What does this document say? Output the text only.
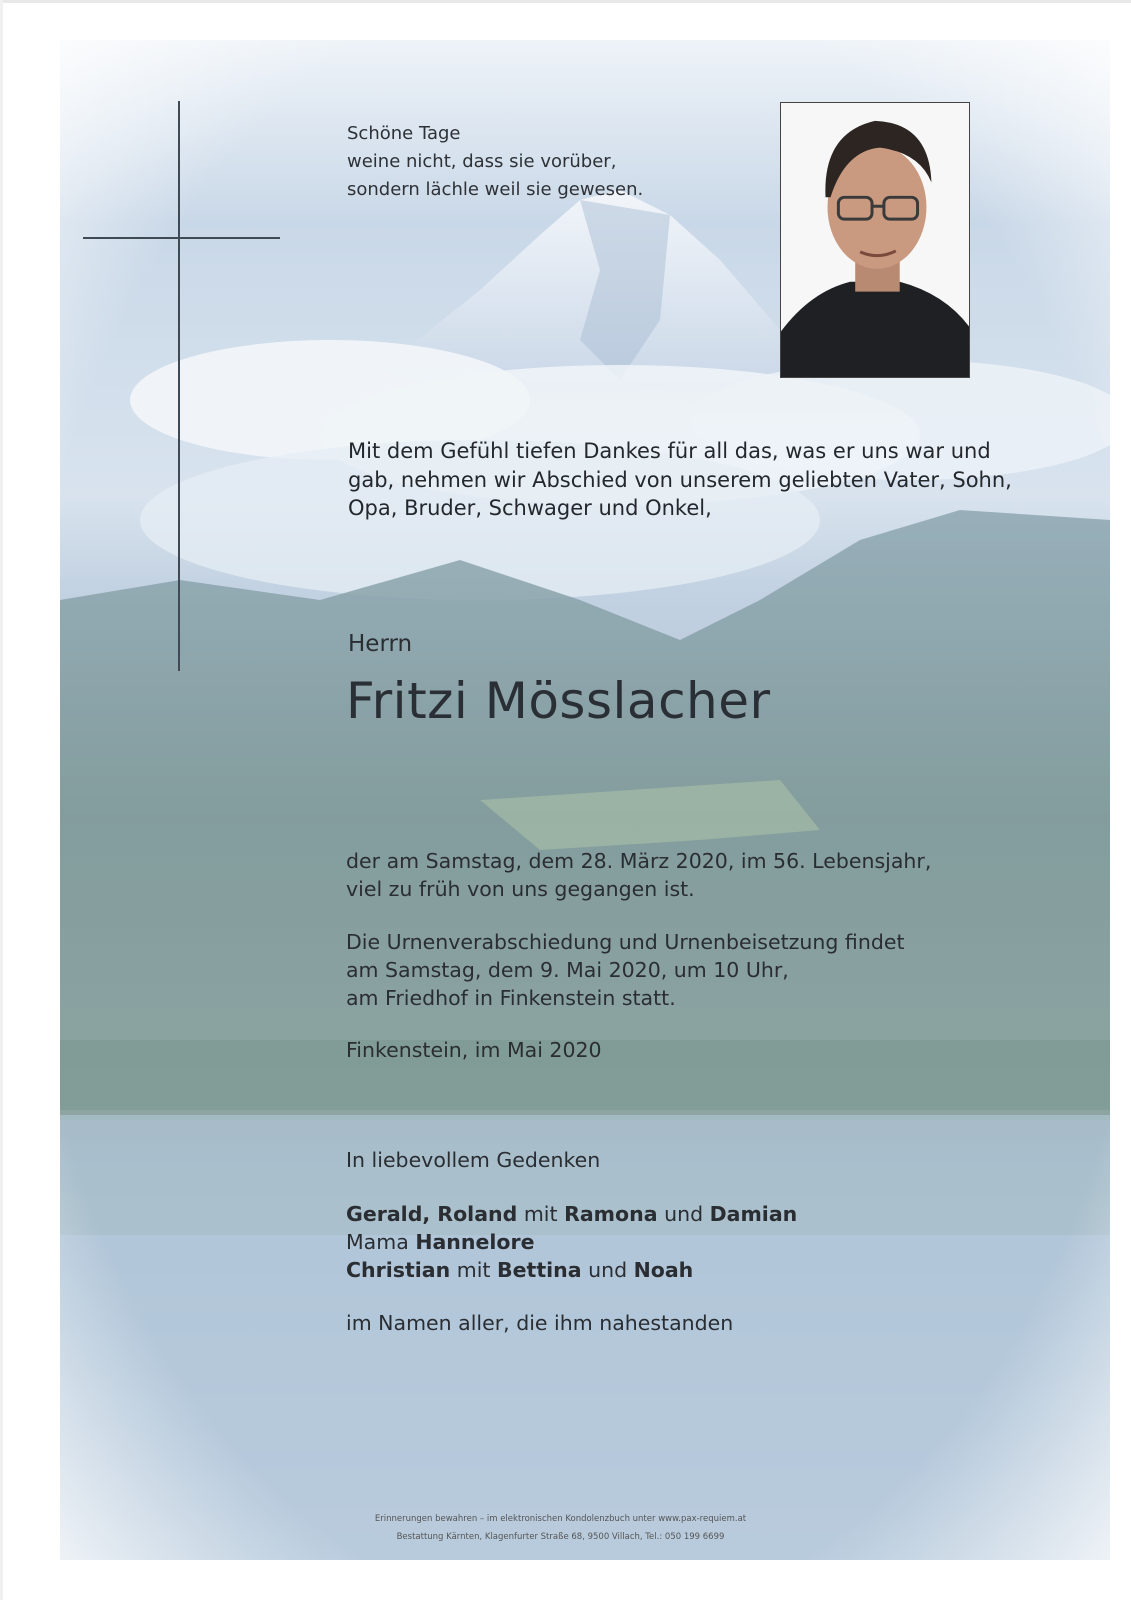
Schöne Tage
weine nicht, dass sie vorüber,
sondern lächle weil sie gewesen.
Mit dem Gefühl tiefen Dankes für all das, was er uns war und
gab, nehmen wir Abschied von unserem geliebten Vater, Sohn,
Opa, Bruder, Schwager und Onkel,
Herrn
Fritzi Mösslacher
der am Samstag, dem 28. März 2020, im 56. Lebensjahr,
viel zu früh von uns gegangen ist.
Die Urnenverabschiedung und Urnenbeisetzung findet
am Samstag, dem 9. Mai 2020, um 10 Uhr,
am Friedhof in Finkenstein statt.
Finkenstein, im Mai 2020
In liebevollem Gedenken
Gerald, Roland mit Ramona und Damian
Mama Hannelore
Christian mit Bettina und Noah
im Namen aller, die ihm nahestanden
Erinnerungen bewahren – im elektronischen Kondolenzbuch unter www.pax-requiem.at
Bestattung Kärnten, Klagenfurter Straße 68, 9500 Villach, Tel.: 050 199 6699
